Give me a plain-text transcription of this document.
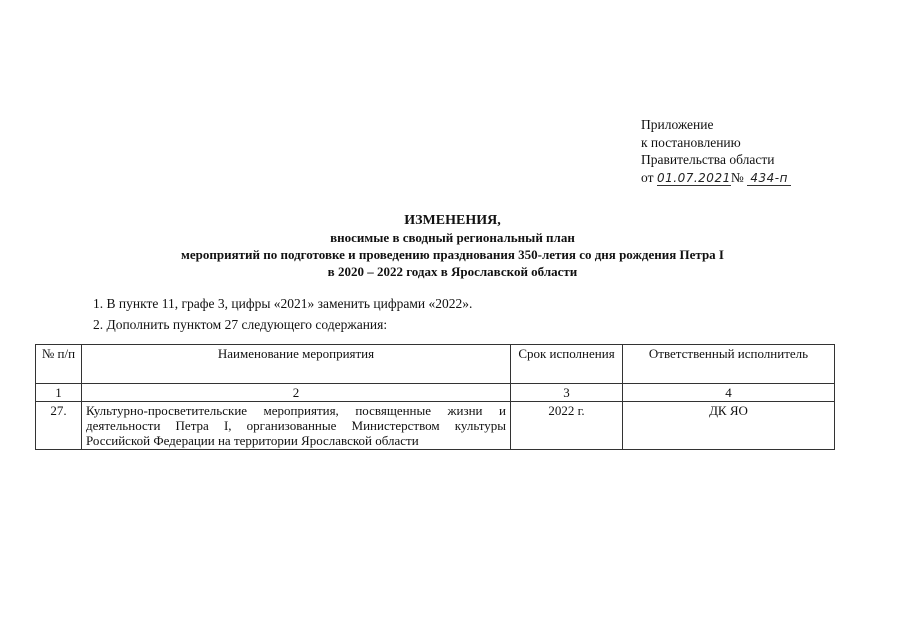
Приложение
к постановлению
Правительства области
от 01.07.2021№ 434-п
ИЗМЕНЕНИЯ,
вносимые в сводный региональный план
мероприятий по подготовке и проведению празднования 350-летия со дня рождения Петра I
в 2020 – 2022 годах в Ярославской области
1. В пункте 11, графе 3, цифры «2021» заменить цифрами «2022».
2. Дополнить пунктом 27 следующего содержания:
№ п/п	Наименование мероприятия	Срок исполнения	Ответственный исполнитель
1	2	3	4
27.	Культурно-просветительские мероприятия, посвященные жизни и деятельности Петра I, организованные Министерством культуры Российской Федерации на территории Ярославской области	2022 г.	ДК ЯО
